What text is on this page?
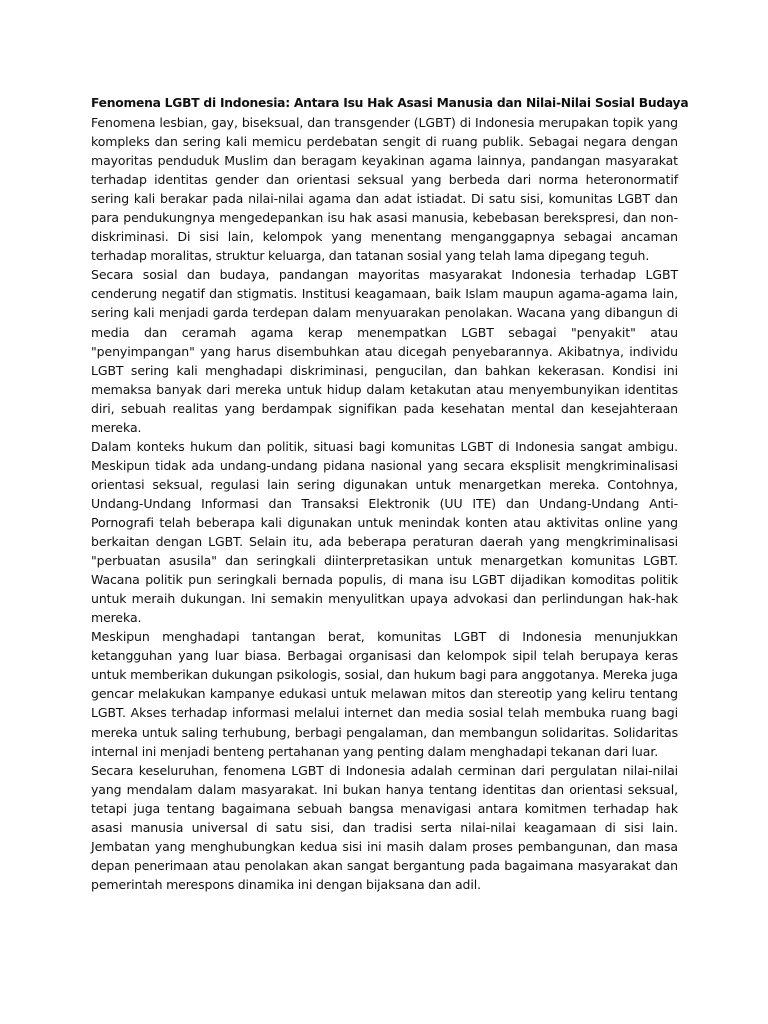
Fenomena LGBT di Indonesia: Antara Isu Hak Asasi Manusia dan Nilai-Nilai Sosial Budaya

Fenomena lesbian, gay, biseksual, dan transgender (LGBT) di Indonesia merupakan topik yang kompleks dan sering kali memicu perdebatan sengit di ruang publik. Sebagai negara dengan mayoritas penduduk Muslim dan beragam keyakinan agama lainnya, pandangan masyarakat terhadap identitas gender dan orientasi seksual yang berbeda dari norma heteronormatif sering kali berakar pada nilai-nilai agama dan adat istiadat. Di satu sisi, komunitas LGBT dan para pendukungnya mengedepankan isu hak asasi manusia, kebebasan berekspresi, dan non-diskriminasi. Di sisi lain, kelompok yang menentang menganggapnya sebagai ancaman terhadap moralitas, struktur keluarga, dan tatanan sosial yang telah lama dipegang teguh.

Secara sosial dan budaya, pandangan mayoritas masyarakat Indonesia terhadap LGBT cenderung negatif dan stigmatis. Institusi keagamaan, baik Islam maupun agama-agama lain, sering kali menjadi garda terdepan dalam menyuarakan penolakan. Wacana yang dibangun di media dan ceramah agama kerap menempatkan LGBT sebagai "penyakit" atau "penyimpangan" yang harus disembuhkan atau dicegah penyebarannya. Akibatnya, individu LGBT sering kali menghadapi diskriminasi, pengucilan, dan bahkan kekerasan. Kondisi ini memaksa banyak dari mereka untuk hidup dalam ketakutan atau menyembunyikan identitas diri, sebuah realitas yang berdampak signifikan pada kesehatan mental dan kesejahteraan mereka.

Dalam konteks hukum dan politik, situasi bagi komunitas LGBT di Indonesia sangat ambigu. Meskipun tidak ada undang-undang pidana nasional yang secara eksplisit mengkriminalisasi orientasi seksual, regulasi lain sering digunakan untuk menargetkan mereka. Contohnya, Undang-Undang Informasi dan Transaksi Elektronik (UU ITE) dan Undang-Undang Anti-Pornografi telah beberapa kali digunakan untuk menindak konten atau aktivitas online yang berkaitan dengan LGBT. Selain itu, ada beberapa peraturan daerah yang mengkriminalisasi "perbuatan asusila" dan seringkali diinterpretasikan untuk menargetkan komunitas LGBT. Wacana politik pun seringkali bernada populis, di mana isu LGBT dijadikan komoditas politik untuk meraih dukungan. Ini semakin menyulitkan upaya advokasi dan perlindungan hak-hak mereka.

Meskipun menghadapi tantangan berat, komunitas LGBT di Indonesia menunjukkan ketangguhan yang luar biasa. Berbagai organisasi dan kelompok sipil telah berupaya keras untuk memberikan dukungan psikologis, sosial, dan hukum bagi para anggotanya. Mereka juga gencar melakukan kampanye edukasi untuk melawan mitos dan stereotip yang keliru tentang LGBT. Akses terhadap informasi melalui internet dan media sosial telah membuka ruang bagi mereka untuk saling terhubung, berbagi pengalaman, dan membangun solidaritas. Solidaritas internal ini menjadi benteng pertahanan yang penting dalam menghadapi tekanan dari luar.

Secara keseluruhan, fenomena LGBT di Indonesia adalah cerminan dari pergulatan nilai-nilai yang mendalam dalam masyarakat. Ini bukan hanya tentang identitas dan orientasi seksual, tetapi juga tentang bagaimana sebuah bangsa menavigasi antara komitmen terhadap hak asasi manusia universal di satu sisi, dan tradisi serta nilai-nilai keagamaan di sisi lain. Jembatan yang menghubungkan kedua sisi ini masih dalam proses pembangunan, dan masa depan penerimaan atau penolakan akan sangat bergantung pada bagaimana masyarakat dan pemerintah merespons dinamika ini dengan bijaksana dan adil.
